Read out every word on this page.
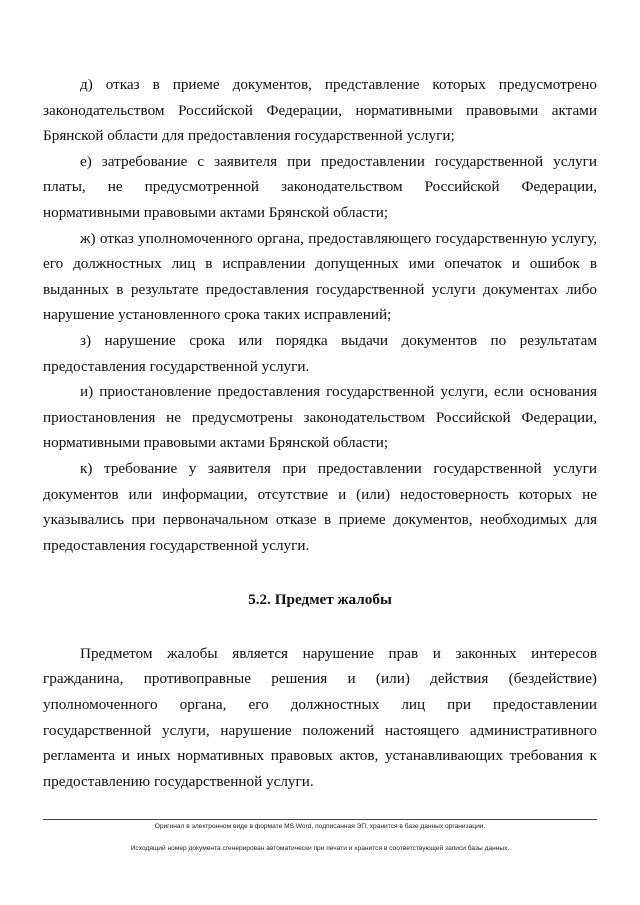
д) отказ в приеме документов, представление которых предусмотрено законодательством Российской Федерации, нормативными правовыми актами Брянской области для предоставления государственной услуги;

е) затребование с заявителя при предоставлении государственной услуги платы, не предусмотренной законодательством Российской Федерации, нормативными правовыми актами Брянской области;

ж) отказ уполномоченного органа, предоставляющего государственную услугу, его должностных лиц в исправлении допущенных ими опечаток и ошибок в выданных в результате предоставления государственной услуги документах либо нарушение установленного срока таких исправлений;

з) нарушение срока или порядка выдачи документов по результатам предоставления государственной услуги.

и) приостановление предоставления государственной услуги, если основания приостановления не предусмотрены законодательством Российской Федерации, нормативными правовыми актами Брянской области;

к) требование у заявителя при предоставлении государственной услуги документов или информации, отсутствие и (или) недостоверность которых не указывались при первоначальном отказе в приеме документов, необходимых для предоставления государственной услуги.

5.2. Предмет жалобы

Предметом жалобы является нарушение прав и законных интересов гражданина, противоправные решения и (или) действия (бездействие) уполномоченного органа, его должностных лиц при предоставлении государственной услуги, нарушение положений настоящего административного регламента и иных нормативных правовых актов, устанавливающих требования к предоставлению государственной услуги.

Оригинал в электронном виде в формате MS Word, подписанная ЭП, хранится в базе данных организации.
Исходящий номер документа сгенерирован автоматически при печати и хранится в соответствующей записи базы данных.
